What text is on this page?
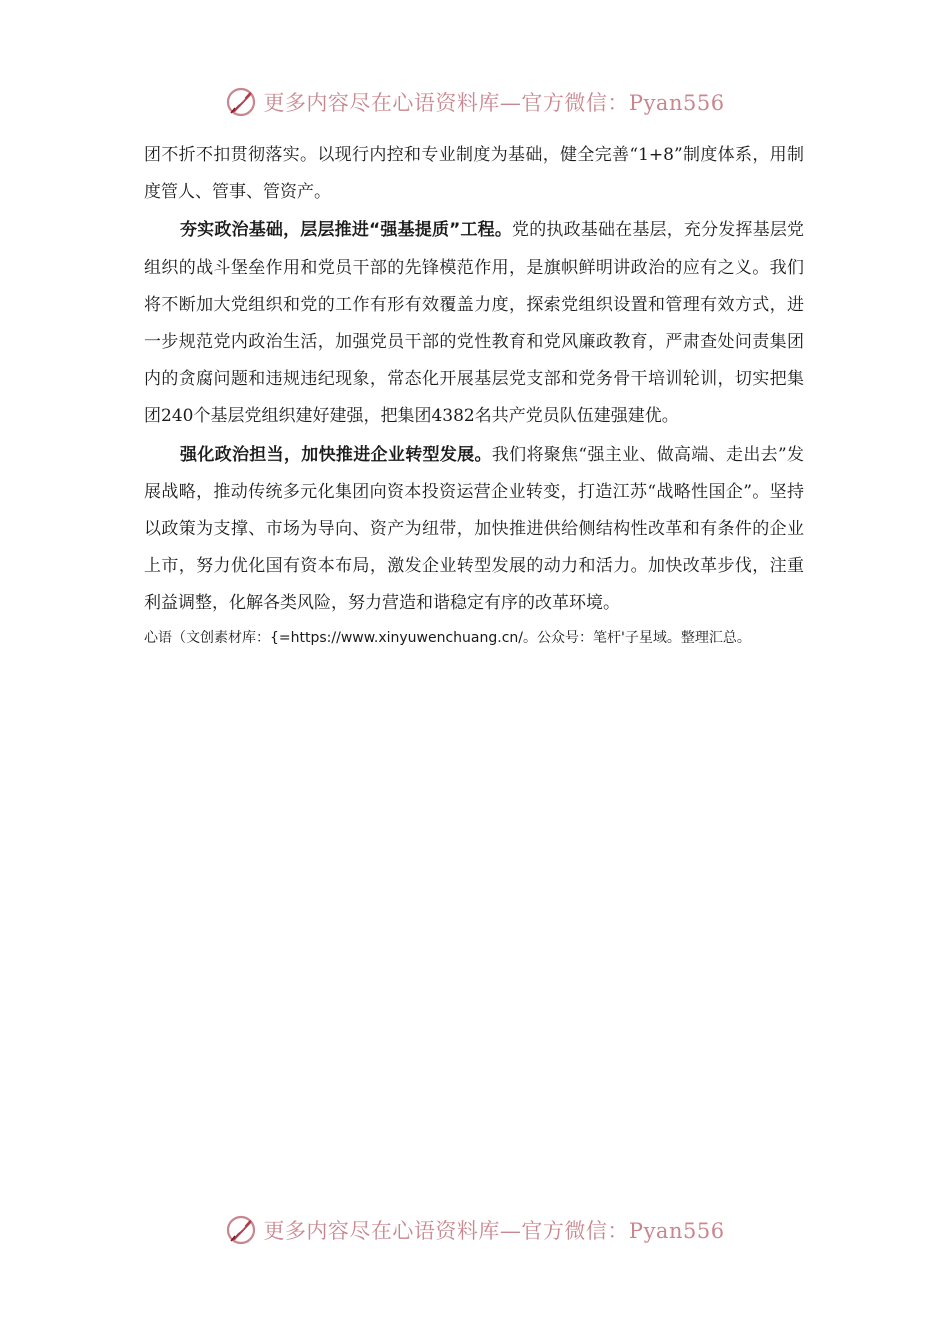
更多内容尽在心语资料库—官方微信：Pyan556

团不折不扣贯彻落实。以现行内控和专业制度为基础，健全完善“1+8”制度体系，用制度管人、管事、管资产。

夯实政治基础，层层推进“强基提质”工程。党的执政基础在基层，充分发挥基层党组织的战斗堡垒作用和党员干部的先锋模范作用，是旗帜鲜明讲政治的应有之义。我们将不断加大党组织和党的工作有形有效覆盖力度，探索党组织设置和管理有效方式，进一步规范党内政治生活，加强党员干部的党性教育和党风廉政教育，严肃查处问责集团内的贪腐问题和违规违纪现象，常态化开展基层党支部和党务骨干培训轮训，切实把集团240个基层党组织建好建强，把集团4382名共产党员队伍建强建优。

强化政治担当，加快推进企业转型发展。我们将聚焦“强主业、做高端、走出去”发展战略，推动传统多元化集团向资本投资运营企业转变，打造江苏“战略性国企”。坚持以政策为支撑、市场为导向、资产为纽带，加快推进供给侧结构性改革和有条件的企业上市，努力优化国有资本布局，激发企业转型发展的动力和活力。加快改革步伐，注重利益调整，化解各类风险，努力营造和谐稳定有序的改革环境。

心语（文创素材库：{=https://www.xinyuwenchuang.cn/。公众号：笔杆'子星域。整理汇总。

更多内容尽在心语资料库—官方微信：Pyan556
